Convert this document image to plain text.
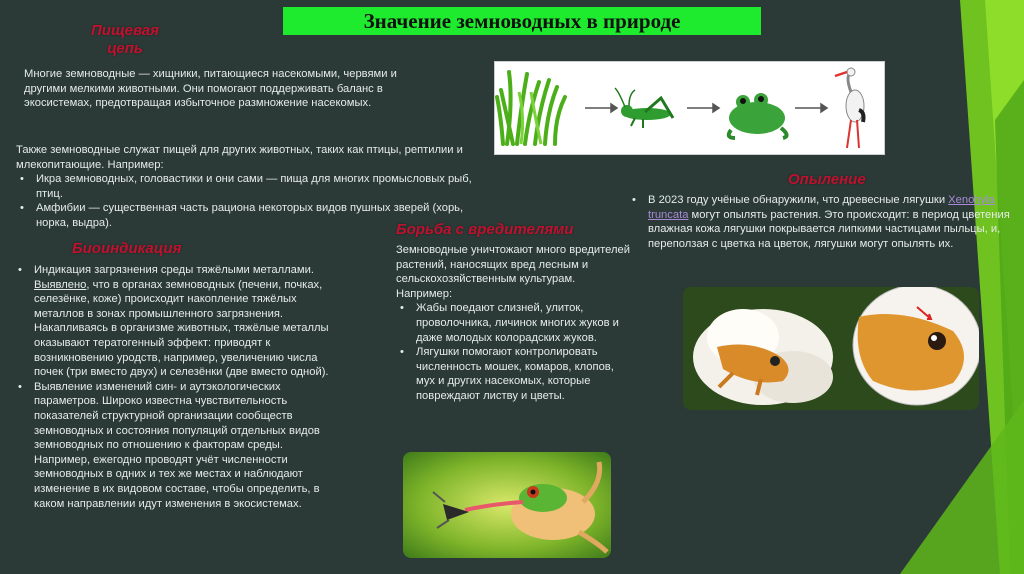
Значение земноводных в природе
Пищевая цепь

Многие земноводные — хищники, питающиеся насекомыми, червями и другими мелкими животными. Они помогают поддерживать баланс в экосистемах, предотвращая избыточное размножение насекомых.

Также земноводные служат пищей для других животных, таких как птицы, рептилии и млекопитающие. Например:

• Икра земноводных, головастики и они сами — пища для многих промысловых рыб, птиц.
• Амфибии — существенная часть рациона некоторых видов пушных зверей (хорь, норка, выдра).
Биоиндикация
• Индикация загрязнения среды тяжёлыми металлами. Выявлено, что в органах земноводных (печени, почках, селезёнке, коже) происходит накопление тяжёлых металлов в зонах промышленного загрязнения. Накапливаясь в организме животных, тяжёлые металлы оказывают тератогенный эффект: приводят к возникновению уродств, например, увеличению числа почек (три вместо двух) и селезёнки (две вместо одной).
• Выявление изменений син- и аутэкологических параметров. Широко известна чувствительность показателей структурной организации сообществ земноводных и состояния популяций отдельных видов земноводных по отношению к факторам среды. Например, ежегодно проводят учёт численности земноводных в одних и тех же местах и наблюдают изменение в их видовом составе, чтобы определить, в каком направлении идут изменения в экосистемах.
Борьба с вредителями

Земноводные уничтожают много вредителей растений, наносящих вред лесным и сельскохозяйственным культурам. Например:

• Жабы поедают слизней, улиток, проволочника, личинок многих жуков и даже молодых колорадских жуков.
• Лягушки помогают контролировать численность мошек, комаров, клопов, мух и других насекомых, которые повреждают листву и цветы.
Опыление
• В 2023 году учёные обнаружили, что древесные лягушки Xenohyla truncata могут опылять растения. Это происходит: в период цветения влажная кожа лягушки покрывается липкими частицами пыльцы, и, переползая с цветка на цветок, лягушки могут опылять их.
